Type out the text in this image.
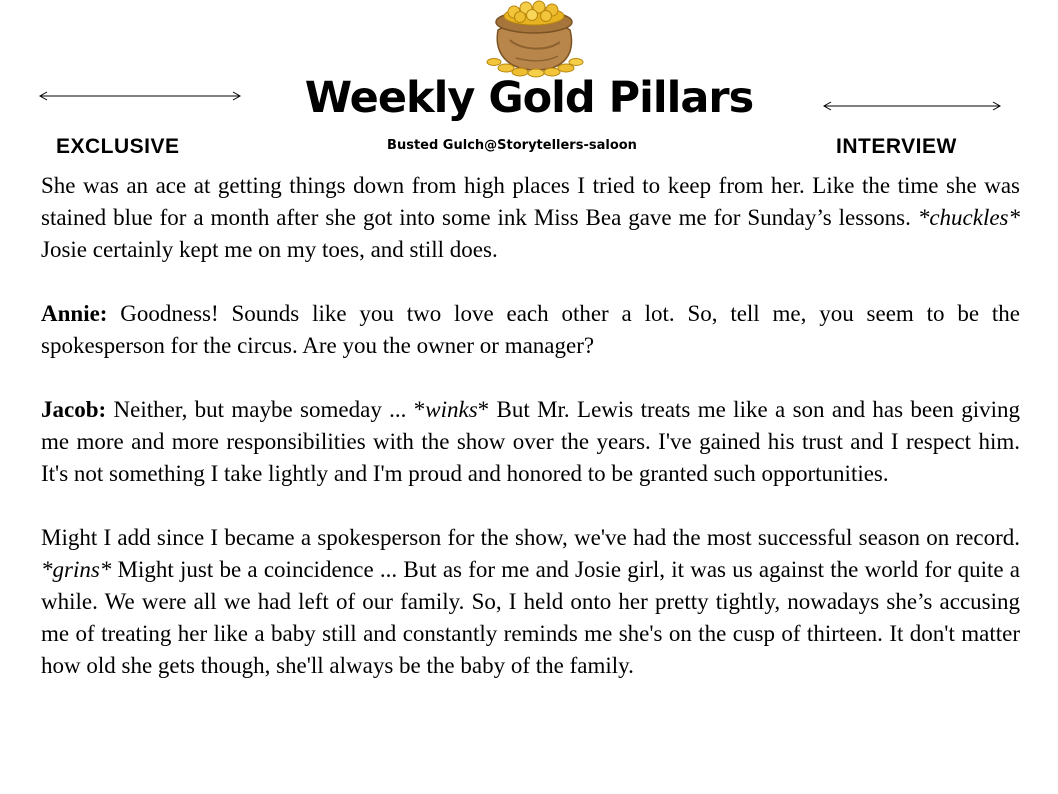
Weekly Gold Pillars
EXCLUSIVE	Busted Gulch@Storytellers-saloon	INTERVIEW

She was an ace at getting things down from high places I tried to keep from her. Like the time she was stained blue for a month after she got into some ink Miss Bea gave me for Sunday’s lessons. *chuckles* Josie certainly kept me on my toes, and still does.

Annie: Goodness! Sounds like you two love each other a lot. So, tell me, you seem to be the spokesperson for the circus. Are you the owner or manager?

Jacob: Neither, but maybe someday ... *winks* But Mr. Lewis treats me like a son and has been giving me more and more responsibilities with the show over the years. I've gained his trust and I respect him. It's not something I take lightly and I'm proud and honored to be granted such opportunities.

Might I add since I became a spokesperson for the show, we've had the most successful season on record. *grins* Might just be a coincidence ... But as for me and Josie girl, it was us against the world for quite a while. We were all we had left of our family. So, I held onto her pretty tightly, nowadays she’s accusing me of treating her like a baby still and constantly reminds me she's on the cusp of thirteen. It don't matter how old she gets though, she'll always be the baby of the family.
